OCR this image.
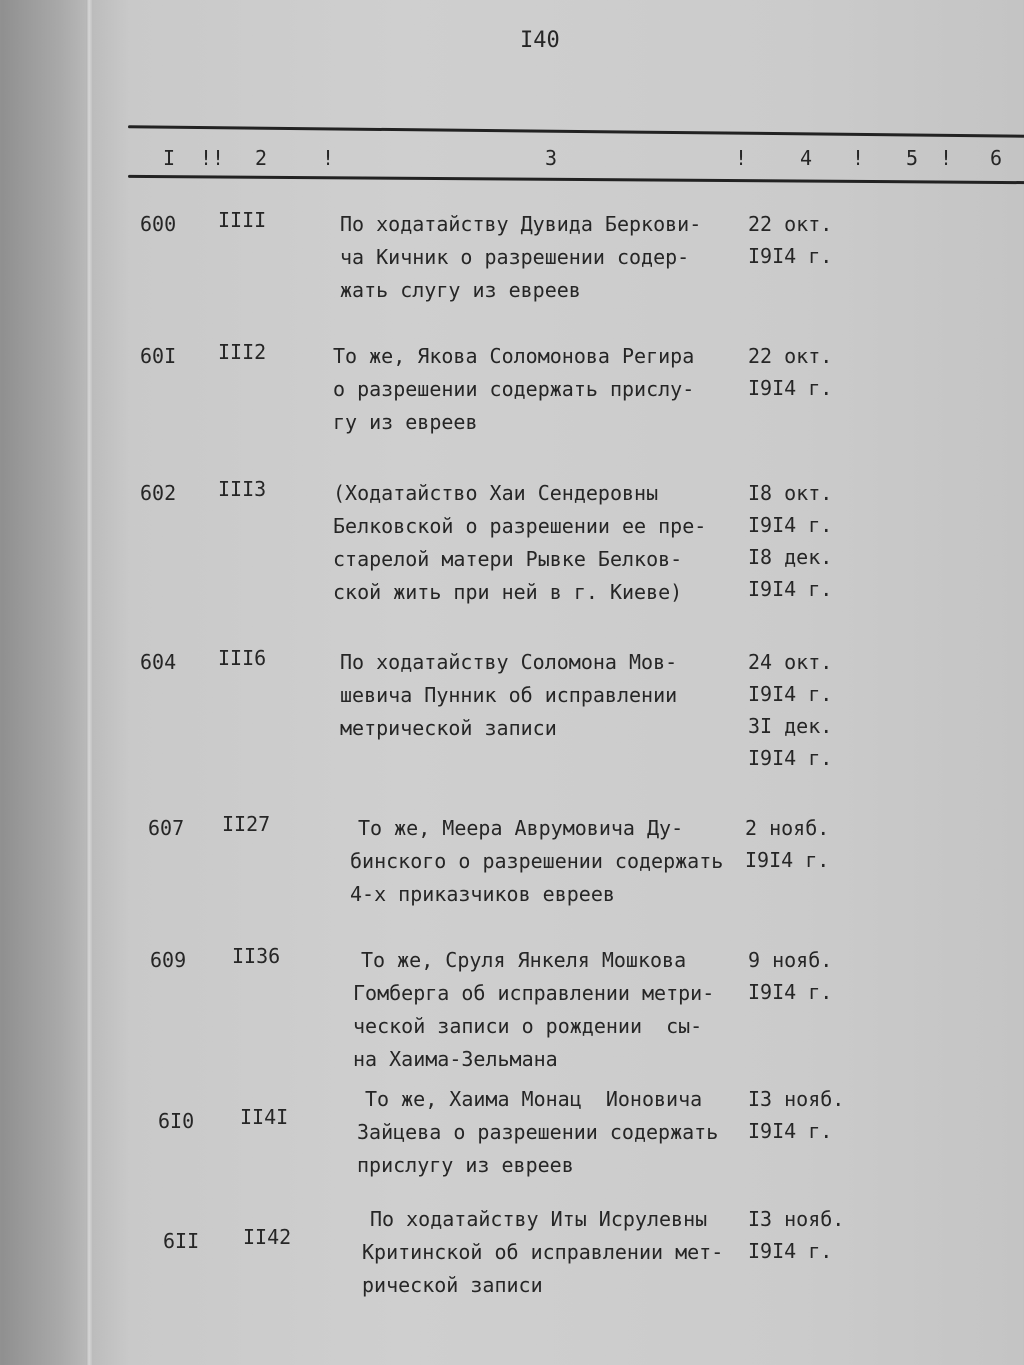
I40
I !! 2	!	3	!	4 ! 5 ! 6
600 IIII	По ходатайству Дувида Беркови-
ча Кичник о разрешении содер-
жать слугу из евреев
22 окт.
I9I4 г.
60I III2	То же, Якова Соломонова Регира
о разрешении содержать прислу-
гу из евреев
22 окт.
I9I4 г.
602 III3	(Ходатайство Хаи Сендеровны
Белковской о разрешении ее пре-
старелой матери Рывке Белков-
ской жить при ней в г. Киеве)
I8 окт.
I9I4 г.
I8 дек.
I9I4 г.
604 III6	По ходатайству Соломона Мов-
шевича Пунник об исправлении
метрической записи
24 окт.
I9I4 г.
3I дек.
I9I4 г.
607 II27	То же, Меера Аврумовича Ду-
бинского о разрешении содержать
4-х приказчиков евреев
2 нояб.
I9I4 г.
609 II36	То же, Сруля Янкеля Мошкова
Гомберга об исправлении метри-
ческой записи о рождении  сы-
на Хаима-Зельмана
9 нояб.
I9I4 г.
6I0 II4I
То же, Хаима Монац  Ионовича
Зайцева о разрешении содержать
прислугу из евреев
I3 нояб.
I9I4 г.
6II II42
По ходатайству Иты Исрулевны
Критинской об исправлении мет-
рической записи
I3 нояб.
I9I4 г.
